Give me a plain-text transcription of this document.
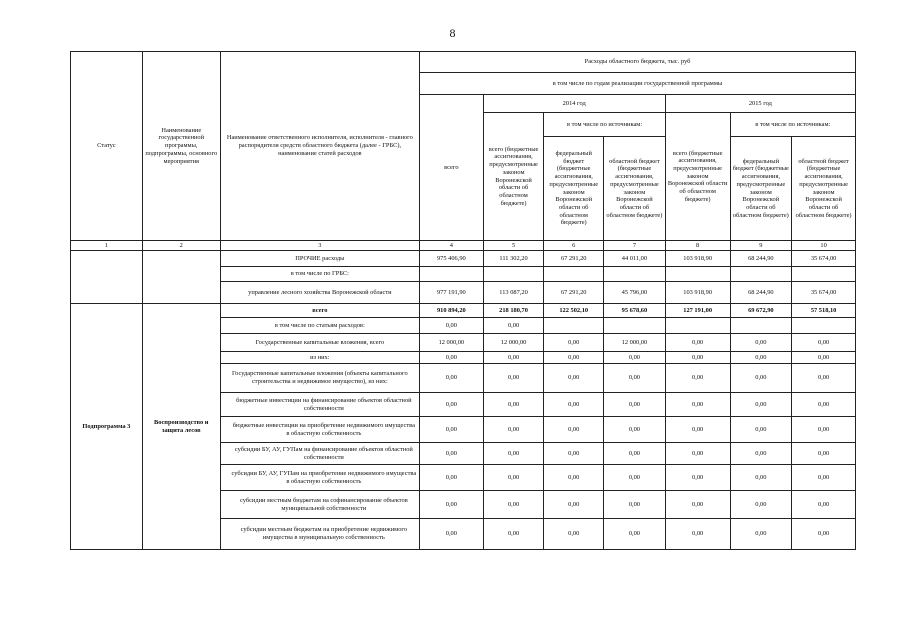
8
Статус	Наименование государственной программы, подпрограммы, основного мероприятия	Наименование ответственного исполнителя, исполнителя - главного распорядителя средств областного бюджета (далее - ГРБС), наименование статей расходов	Расходы областного бюджета, тыс. руб						
			в том числе по годам реализации государственной программы						
			всего	2014 год			2015 год		
				всего (бюджетные ассигнования, предусмотренные законом Воронежской области об областном бюджете)	в том числе по источникам:		всего (бюджетные ассигнования, предусмотренные законом Воронежской области об областном бюджете)	в том числе по источникам:	
					федеральный бюджет (бюджетные ассигнования, предусмотренные законом Воронежской области об областном бюджете)	областной бюджет (бюджетные ассигнования, предусмотренные законом Воронежской области об областном бюджете)		федеральный бюджет (бюджетные ассигнования, предусмотренные законом Воронежской области об областном бюджете)	областной бюджет (бюджетные ассигнования, предусмотренные законом Воронежской области об областном бюджете)
1	2	3	4	5	6	7	8	9	10
		ПРОЧИЕ расходы	975 406,90	111 302,20	67 291,20	44 011,00	103 918,90	68 244,90	35 674,00
		в том числе по ГРБС:							
		управление лесного хозяйства Воронежской области	977 191,90	113 087,20	67 291,20	45 796,00	103 918,90	68 244,90	35 674,00
Подпрограмма 3	Воспроизводство и защита лесов	всего	910 894,20	218 180,70	122 502,10	95 678,60	127 191,00	69 672,90	57 518,10
		в том числе по статьям расходов:	0,00	0,00					
		Государственные капитальные вложения, всего	12 000,00	12 000,00	0,00	12 000,00	0,00	0,00	0,00
		из них:	0,00	0,00	0,00	0,00	0,00	0,00	0,00
		Государственные капитальные вложения (объекты капитального строительства и недвижимое имущество), из них:	0,00	0,00	0,00	0,00	0,00	0,00	0,00
		бюджетные инвестиции на финансирование объектов областной собственности	0,00	0,00	0,00	0,00	0,00	0,00	0,00
		бюджетные инвестиции на приобретение недвижимого имущества в областную собственность	0,00	0,00	0,00	0,00	0,00	0,00	0,00
		субсидии БУ, АУ, ГУПам на финансирование объектов областной собственности	0,00	0,00	0,00	0,00	0,00	0,00	0,00
		субсидии БУ, АУ, ГУПам на приобретение недвижимого имущества в областную собственность	0,00	0,00	0,00	0,00	0,00	0,00	0,00
		субсидии местным бюджетам на софинансирование объектов муниципальной собственности	0,00	0,00	0,00	0,00	0,00	0,00	0,00
		субсидии местным бюджетам на приобретение недвижимого имущества в муниципальную собственность	0,00	0,00	0,00	0,00	0,00	0,00	0,00
